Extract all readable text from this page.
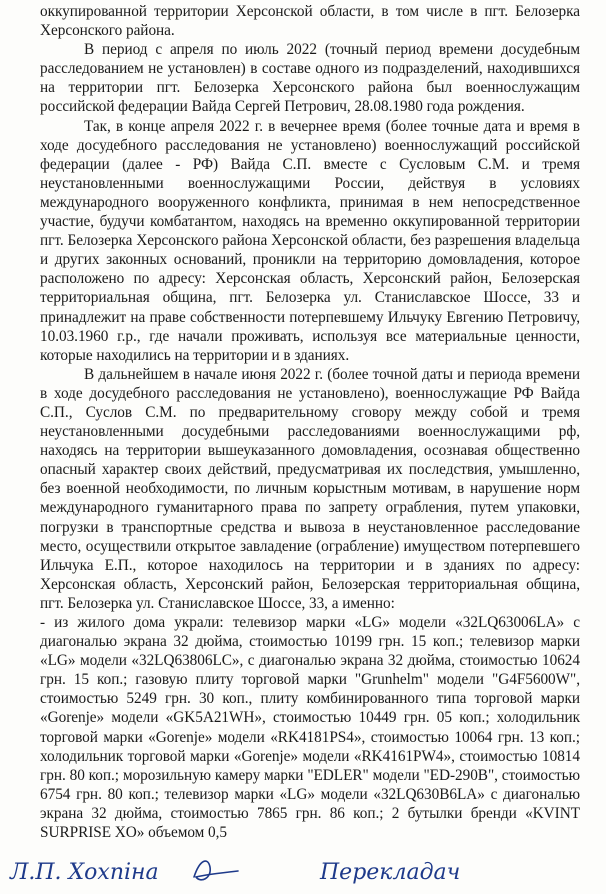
оккупированной территории Херсонской области, в том числе в пгт. Белозерка Херсонского района.

В период с апреля по июль 2022 (точный период времени досудебным расследованием не установлен) в составе одного из подразделений, находившихся на территории пгт. Белозерка Херсонского района был военнослужащим российской федерации Вайда Сергей Петрович, 28.08.1980 года рождения.

Так, в конце апреля 2022 г. в вечернее время (более точные дата и время в ходе досудебного расследования не установлено) военнослужащий российской федерации (далее - РФ) Вайда С.П. вместе с Сусловым С.М. и тремя неустановленными военнослужащими России, действуя в условиях международного вооруженного конфликта, принимая в нем непосредственное участие, будучи комбатантом, находясь на временно оккупированной территории пгт. Белозерка Херсонского района Херсонской области, без разрешения владельца и других законных оснований, проникли на территорию домовладения, которое расположено по адресу: Херсонская область, Херсонский район, Белозерская территориальная община, пгт. Белозерка ул. Станиславское Шоссе, 33 и принадлежит на праве собственности потерпевшему Ильчуку Евгению Петровичу, 10.03.1960 г.р., где начали проживать, используя все материальные ценности, которые находились на территории и в зданиях.

В дальнейшем в начале июня 2022 г. (более точной даты и периода времени в ходе досудебного расследования не установлено), военнослужащие РФ Вайда С.П., Суслов С.М. по предварительному сговору между собой и тремя неустановленными досудебными расследованиями военнослужащими рф, находясь на территории вышеуказанного домовладения, осознавая общественно опасный характер своих действий, предусматривая их последствия, умышленно, без военной необходимости, по личным корыстным мотивам, в нарушение норм международного гуманитарного права по запрету ограбления, путем упаковки, погрузки в транспортные средства и вывоза в неустановленное расследование место, осуществили открытое завладение (ограбление) имуществом потерпевшего Ильчука Е.П., которое находилось на территории и в зданиях по адресу: Херсонская область, Херсонский район, Белозерская территориальная община, пгт. Белозерка ул. Станиславское Шоссе, 33, а именно:

- из жилого дома украли: телевизор марки «LG» модели «32LQ63006LA» с диагональю экрана 32 дюйма, стоимостью 10199 грн. 15 коп.; телевизор марки «LG» модели «32LQ63806LC», с диагональю экрана 32 дюйма, стоимостью 10624 грн. 15 коп.; газовую плиту торговой марки "Grunhelm" модели "G4F5600W", стоимостью 5249 грн. 30 коп., плиту комбинированного типа торговой марки «Gorenje» модели «GK5A21WH», стоимостью 10449 грн. 05 коп.; холодильник торговой марки «Gorenje» модели «RK4181PS4», стоимостью 10064 грн. 13 коп.; холодильник торговой марки «Gorenje» модели «RK4161PW4», стоимостью 10814 грн. 80 коп.; морозильную камеру марки "EDLER" модели "ED-290B", стоимостью 6754 грн. 80 коп.; телевизор марки «LG» модели «32LQ630B6LA» с диагональю экрана 32 дюйма, стоимостью 7865 грн. 86 коп.; 2 бутылки бренди «KVINT SURPRISE XO» объемом 0,5

Л.П. Хохпіна	Перекладач
